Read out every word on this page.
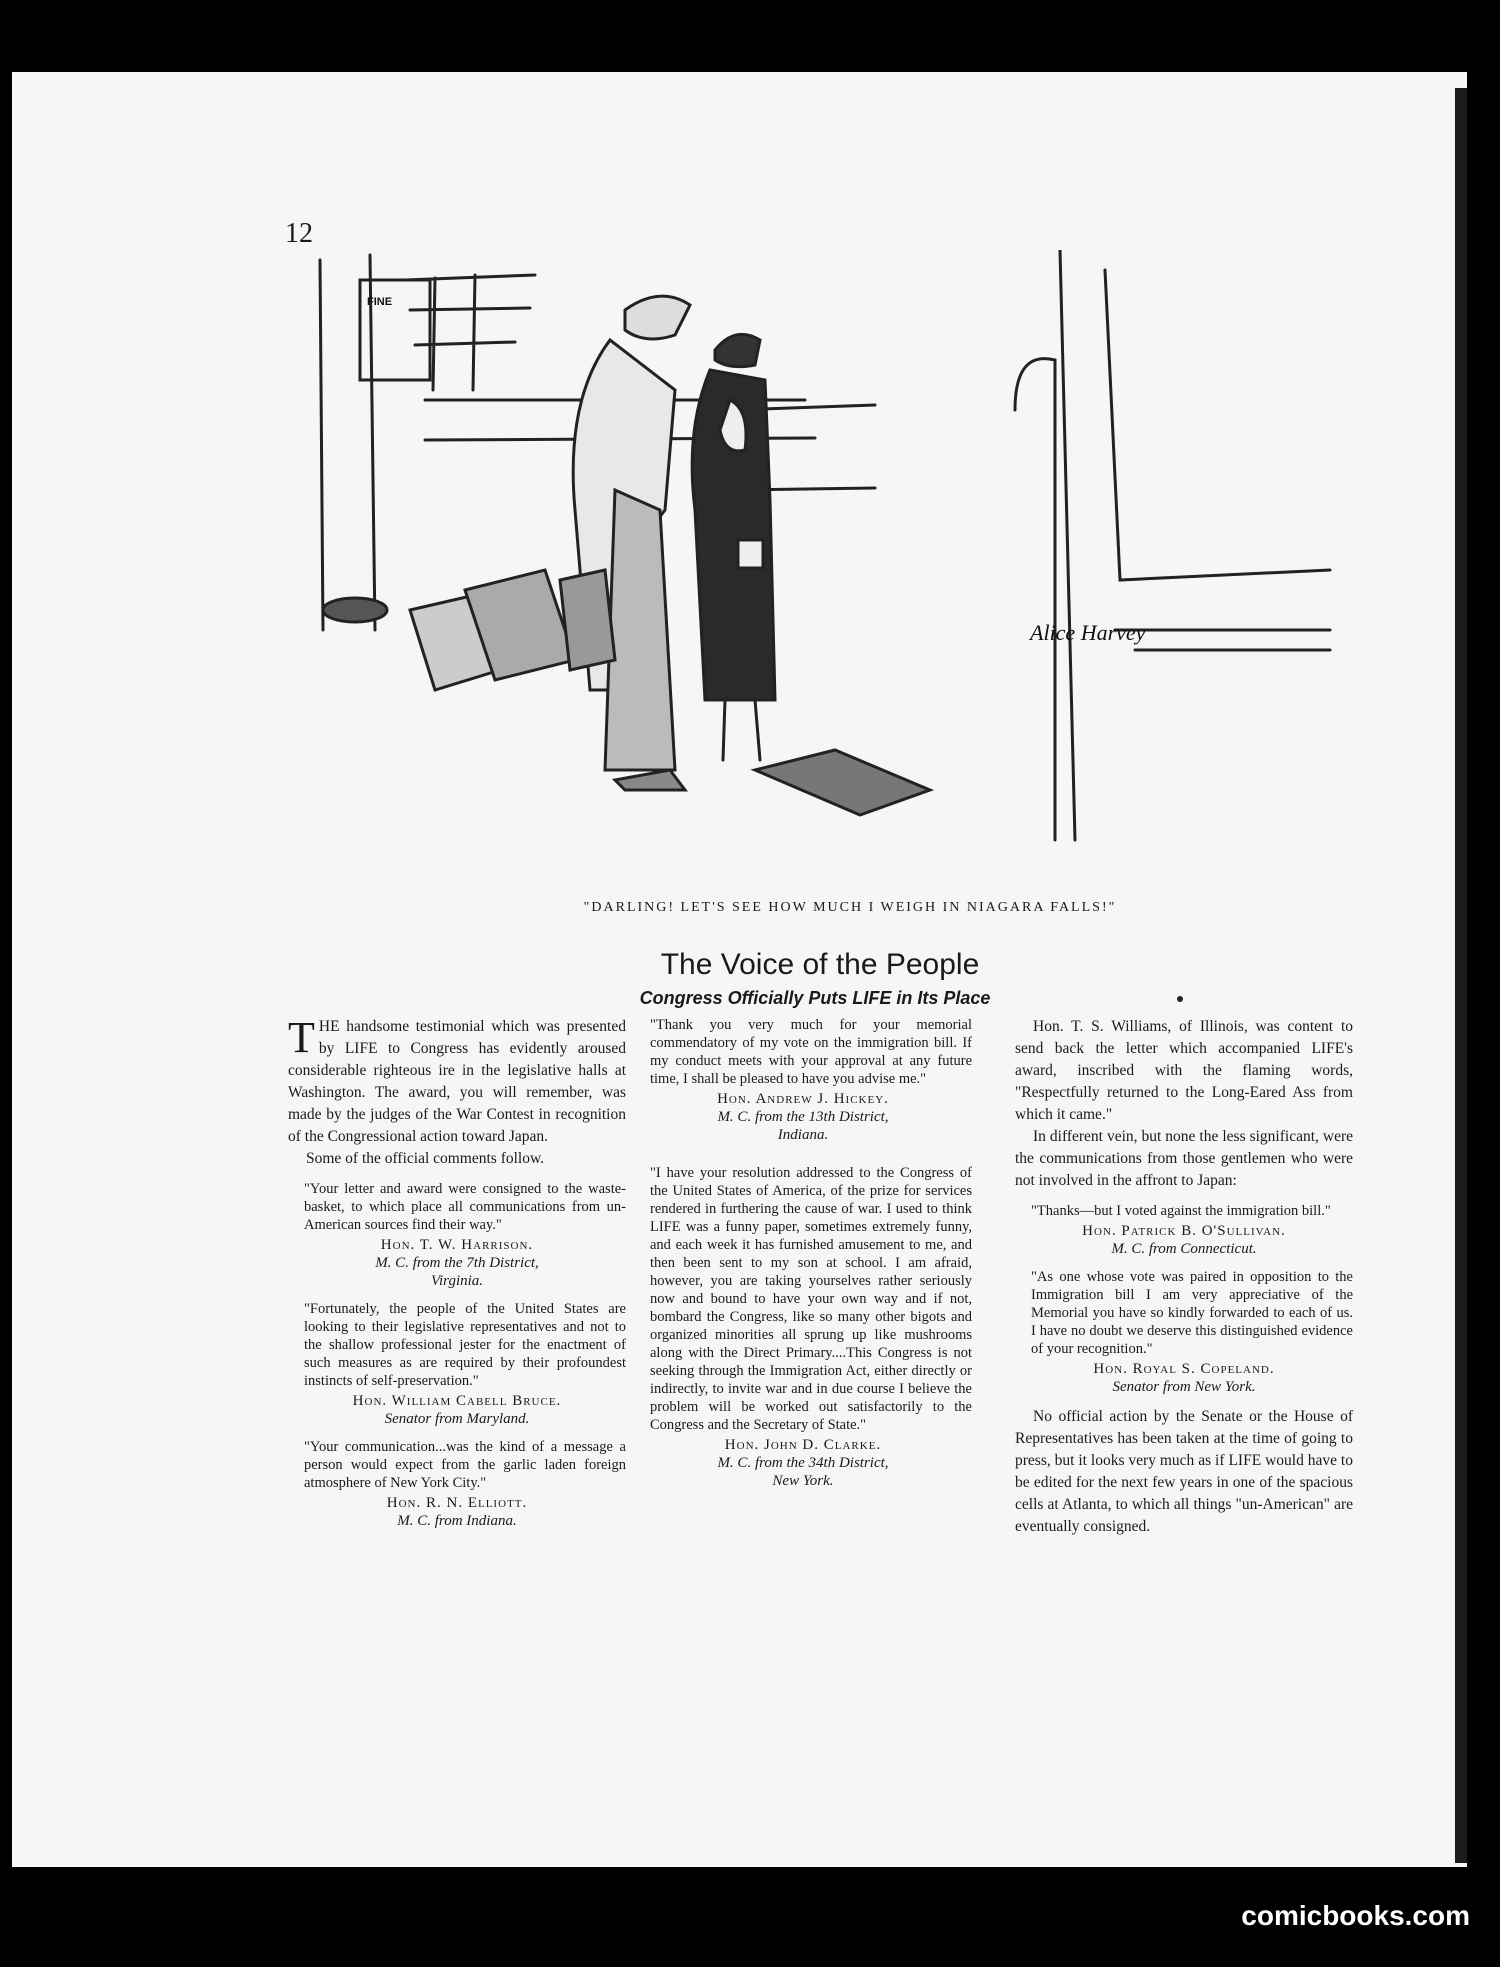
12
Alice Harvey
FINE
"DARLING! LET'S SEE HOW MUCH I WEIGH IN NIAGARA FALLS!"
The Voice of the People
Congress Officially Puts LIFE in Its Place

THE handsome testimonial which was presented by LIFE to Congress has evidently aroused considerable righteous ire in the legislative halls at Washington. The award, you will remember, was made by the judges of the War Contest in recognition of the Congressional action toward Japan.

Some of the official comments follow.

"Your letter and award were consigned to the waste-basket, to which place all communications from un-American sources find their way."

Hon. T. W. Harrison.

M. C. from the 7th District,

Virginia.

"Fortunately, the people of the United States are looking to their legislative representatives and not to the shallow professional jester for the enactment of such measures as are required by their profoundest instincts of self-preservation."

Hon. William Cabell Bruce.

Senator from Maryland.

"Your communication...was the kind of a message a person would expect from the garlic laden foreign atmosphere of New York City."

Hon. R. N. Elliott.

M. C. from Indiana.

"Thank you very much for your memorial commendatory of my vote on the immigration bill. If my conduct meets with your approval at any future time, I shall be pleased to have you advise me."

Hon. Andrew J. Hickey.

M. C. from the 13th District,

Indiana.

"I have your resolution addressed to the Congress of the United States of America, of the prize for services rendered in furthering the cause of war. I used to think LIFE was a funny paper, sometimes extremely funny, and each week it has furnished amusement to me, and then been sent to my son at school. I am afraid, however, you are taking yourselves rather seriously now and bound to have your own way and if not, bombard the Congress, like so many other bigots and organized minorities all sprung up like mushrooms along with the Direct Primary....This Congress is not seeking through the Immigration Act, either directly or indirectly, to invite war and in due course I believe the problem will be worked out satisfactorily to the Congress and the Secretary of State."

Hon. John D. Clarke.

M. C. from the 34th District,

New York.

Hon. T. S. Williams, of Illinois, was content to send back the letter which accompanied LIFE's award, inscribed with the flaming words, "Respectfully returned to the Long-Eared Ass from which it came."

In different vein, but none the less significant, were the communications from those gentlemen who were not involved in the affront to Japan:

"Thanks—but I voted against the immigration bill."

Hon. Patrick B. O'Sullivan.

M. C. from Connecticut.

"As one whose vote was paired in opposition to the Immigration bill I am very appreciative of the Memorial you have so kindly forwarded to each of us. I have no doubt we deserve this distinguished evidence of your recognition."

Hon. Royal S. Copeland.

Senator from New York.

No official action by the Senate or the House of Representatives has been taken at the time of going to press, but it looks very much as if LIFE would have to be edited for the next few years in one of the spacious cells at Atlanta, to which all things "un-American" are eventually consigned.

comicbooks.com
